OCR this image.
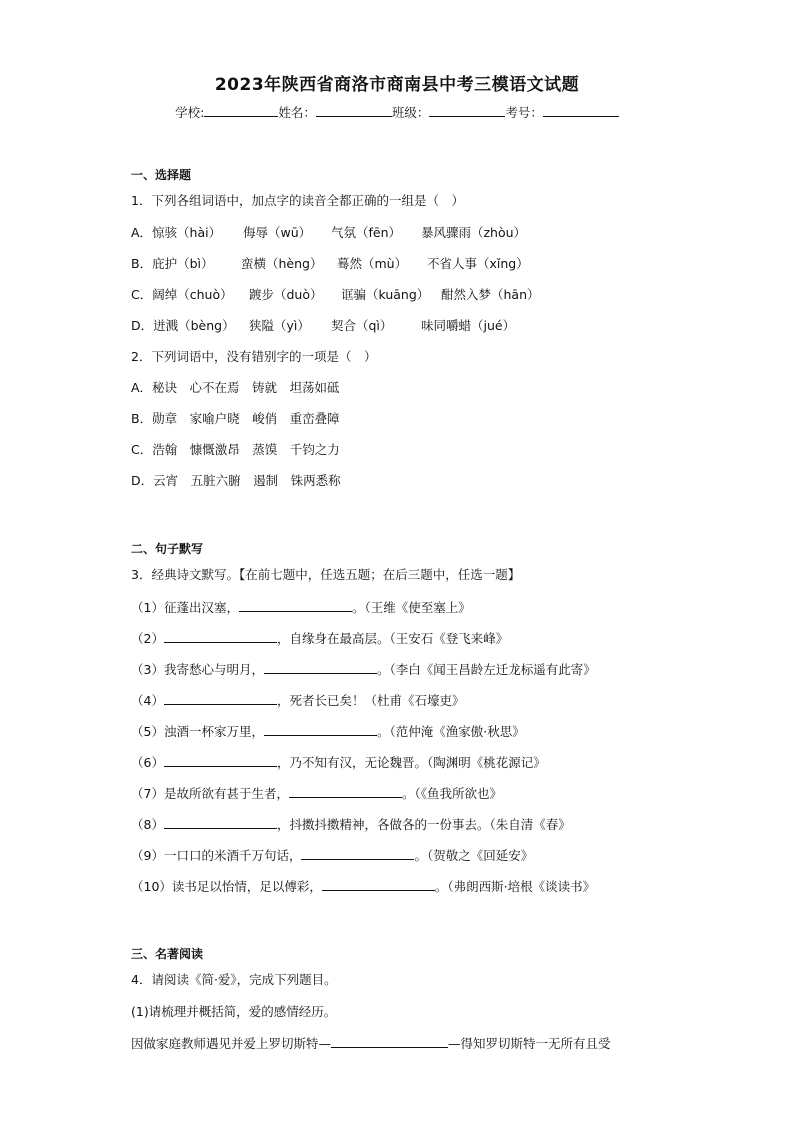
2023年陕西省商洛市商南县中考三模语文试题
学校:	姓名：	班级：	考号：
一、选择题
1．下列各组词语中，加点字的读音全都正确的一组是（　）
A．惊骇（hài） 侮辱（wū） 气氛（fēn） 暴风骤雨（zhòu）
B．庇护（bì） 蛮横（hèng） 蓦然（mù） 不省人事（xǐng）
C．阔绰（chuò） 踱步（duò） 诓骗（kuāng） 酣然入梦（hān）
D．迸溅（bèng） 狭隘（yì） 契合（qì） 味同嚼蜡（jué）
2．下列词语中，没有错别字的一项是（　）
A．秘诀　心不在焉　铸就　坦荡如砥
B．勋章　家喻户晓　峻俏　重峦叠障
C．浩翰　慷慨激昂　蒸馍　千钧之力
D．云宵　五脏六腑　遏制　铢两悉称
二、句子默写
3．经典诗文默写。【在前七题中，任选五题；在后三题中，任选一题】
（1）征蓬出汉塞，	。（王维《使至塞上》
（2）	，自缘身在最高层。（王安石《登飞来峰》
（3）我寄愁心与明月，	。（李白《闻王昌龄左迁龙标遥有此寄》
（4）	，死者长已矣！（杜甫《石壕吏》
（5）浊酒一杯家万里，	。（范仲淹《渔家傲·秋思》
（6）	，乃不知有汉，无论魏晋。（陶渊明《桃花源记》
（7）是故所欲有甚于生者，	。（《鱼我所欲也》
（8）	，抖擞抖擞精神，各做各的一份事去。（朱自清《春》
（9）一口口的米酒千万句话，	。（贺敬之《回延安》
（10）读书足以怡情，足以傅彩，	。（弗朗西斯·培根《谈读书》
三、名著阅读
4．请阅读《简·爱》，完成下列题目。
(1)请梳理并概括简，爱的感情经历。
因做家庭教师遇见并爱上罗切斯特—	—得知罗切斯特一无所有且受
